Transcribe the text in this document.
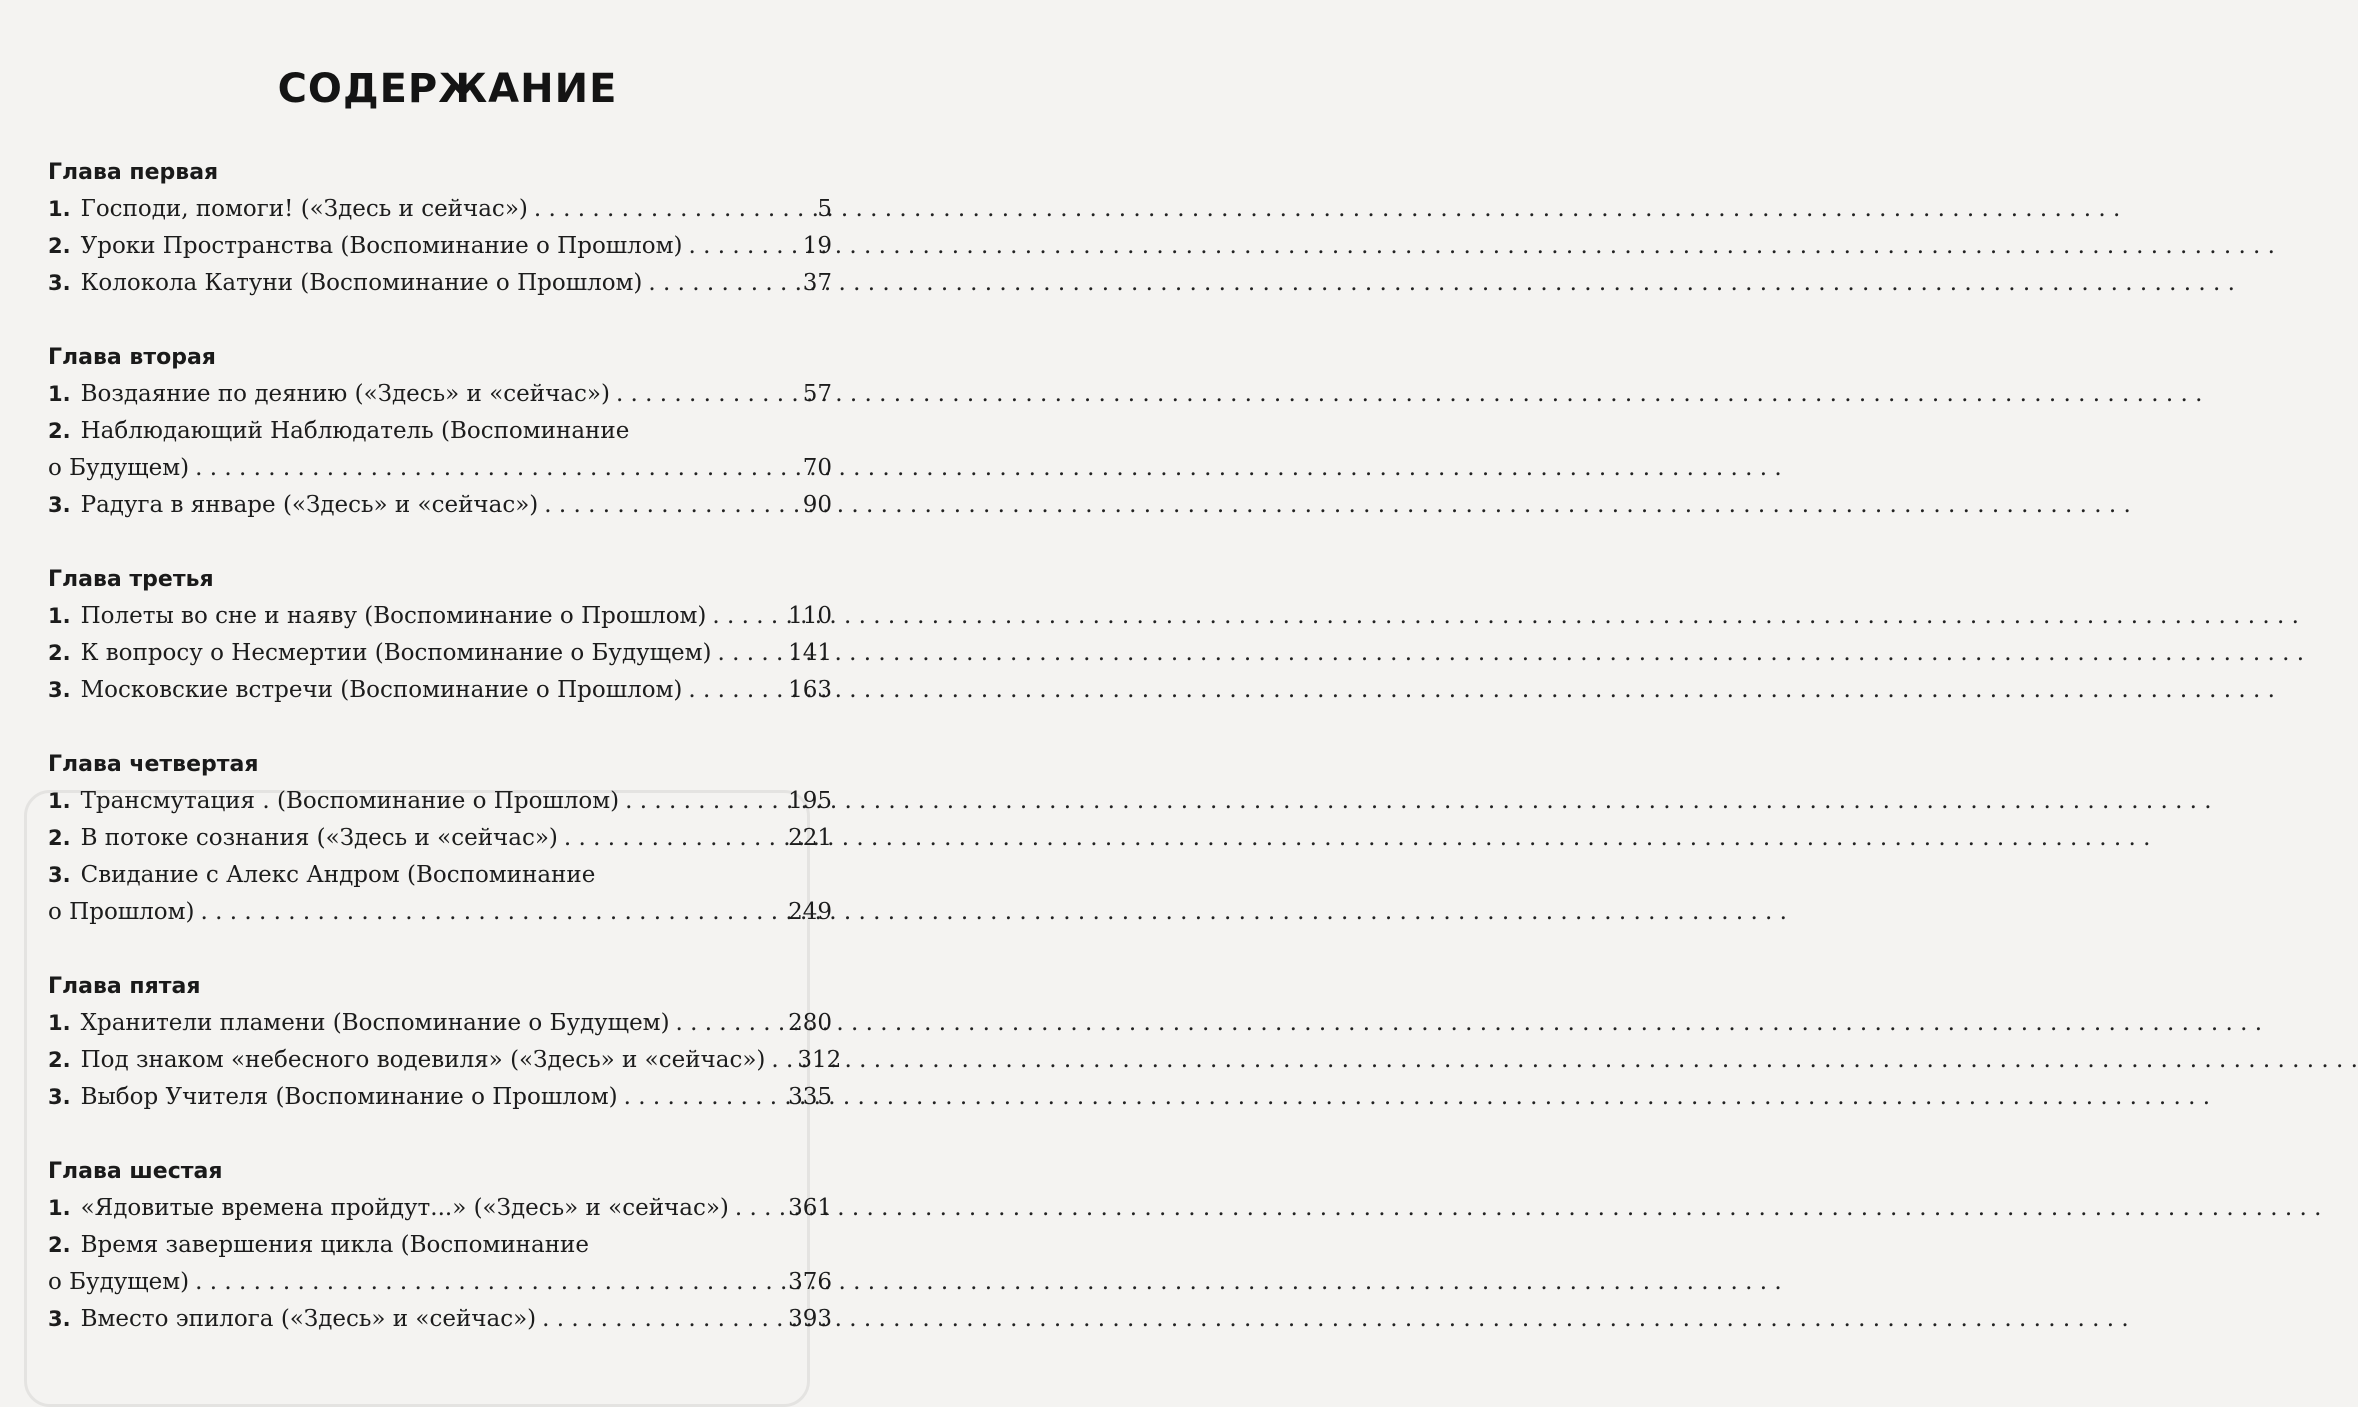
СОДЕРЖАНИЕ
Глава первая
1. Господи, помоги! («Здесь и сейчас») . . .	5
2. Уроки Пространства (Воспоминание о Прошлом) . . .	19
3. Колокола Катуни (Воспоминание о Прошлом) . . .	37
Глава вторая
1. Воздаяние по деянию («Здесь» и «сейчас») . . .	57
2. Наблюдающий Наблюдатель (Воспоминание
о Будущем) . . .	70
3. Радуга в январе («Здесь» и «сейчас») . . .	90
Глава третья
1. Полеты во сне и наяву (Воспоминание о Прошлом) . . .	110
2. К вопросу о Несмертии (Воспоминание о Будущем) . . .	141
3. Московские встречи (Воспоминание о Прошлом) . . .	163
Глава четвертая
1. Трансмутация . (Воспоминание о Прошлом) . . .	195
2. В потоке сознания («Здесь и «сейчас») . . .	221
3. Свидание с Алекс Андром (Воспоминание
о Прошлом) . . .	249
Глава пятая
1. Хранители пламени (Воспоминание о Будущем) . . .	280
2. Под знаком «небесного водевиля» («Здесь» и «сейчас») . . . 312
3. Выбор Учителя (Воспоминание о Прошлом) . . .	335
Глава шестая
1. «Ядовитые времена пройдут...» («Здесь» и «сейчас») . . .	361
2. Время завершения цикла (Воспоминание
о Будущем) . . .	376
3. Вместо эпилога («Здесь» и «сейчас») . . .	393
